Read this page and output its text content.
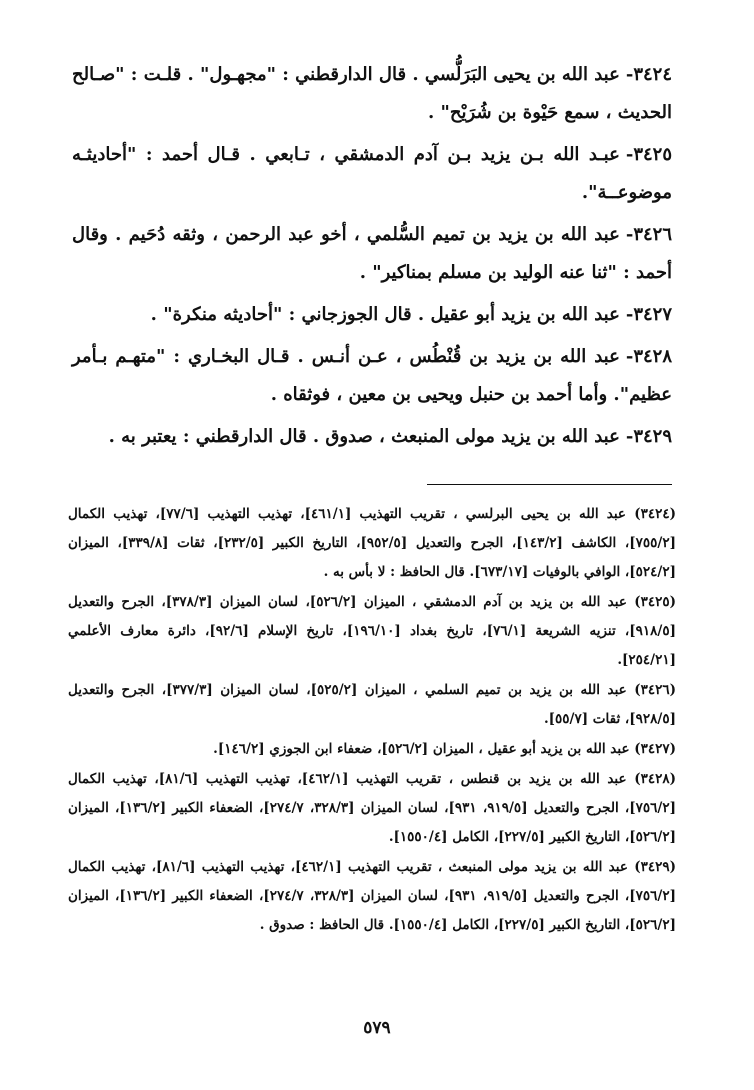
٣٤٢٤-عبد الله بن يحيى البَرَلُّسي . قال الدارقطني : "مجهـول" . قلـت : "صـالح الحديث ، سمع حَيْوة بن شُرَيْح" .

٣٤٢٥-عبـد الله بـن يزيد بـن آدم الدمشقي ، تـابعي . قـال أحمد : "أحاديثـه موضوعــة".

٣٤٢٦-عبد الله بن يزيد بن تميم السُّلمي ، أخو عبد الرحمن ، وثقه دُحَيم . وقال أحمد : "ثنا عنه الوليد بن مسلم بمناكير" .

٣٤٢٧-عبد الله بن يزيد أبو عقيل . قال الجوزجاني : "أحاديثه منكرة" .

٣٤٢٨-عبد الله بن يزيد بن قُنْطُس ، عـن أنـس . قـال البخـاري : "متهـم بـأمر عظيم". وأما أحمد بن حنبل ويحيى بن معين ، فوثقاه .

٣٤٢٩-عبد الله بن يزيد مولى المنبعث ، صدوق . قال الدارقطني : يعتبر به .

(٣٤٢٤) عبد الله بن يحيى البرلسي ، تقريب التهذيب [٤٦١/١]، تهذيب التهذيب [٧٧/٦]، تهذيب الكمال [٧٥٥/٢]، الكاشف [١٤٣/٢]، الجرح والتعديل [٩٥٢/٥]، التاريخ الكبير [٢٣٢/٥]، ثقات [٣٣٩/٨]، الميزان [٥٢٤/٢]، الوافي بالوفيات [٦٧٣/١٧]. قال الحافظ : لا بأس به .

(٣٤٢٥) عبد الله بن يزيد بن آدم الدمشقي ، الميزان [٥٢٦/٢]، لسان الميزان [٣٧٨/٣]، الجرح والتعديل [٩١٨/٥]، تنزيه الشريعة [٧٦/١]، تاريخ بغداد [١٩٦/١٠]، تاريخ الإسلام [٩٢/٦]، دائرة معارف الأعلمي [٢٥٤/٢١].

(٣٤٢٦) عبد الله بن يزيد بن تميم السلمي ، الميزان [٥٢٥/٢]، لسان الميزان [٣٧٧/٣]، الجرح والتعديل [٩٢٨/٥]، ثقات [٥٥/٧].

(٣٤٢٧) عبد الله بن يزيد أبو عقيل ، الميزان [٥٢٦/٢]، ضعفاء ابن الجوزي [١٤٦/٢].

(٣٤٢٨) عبد الله بن يزيد بن قنطس ، تقريب التهذيب [٤٦٢/١]، تهذيب التهذيب [٨١/٦]، تهذيب الكمال [٧٥٦/٢]، الجرح والتعديل [٩١٩/٥، ٩٣١]، لسان الميزان [٣٢٨/٣، ٢٧٤/٧]، الضعفاء الكبير [١٣٦/٢]، الميزان [٥٢٦/٢]، التاريخ الكبير [٢٢٧/٥]، الكامل [١٥٥٠/٤].

(٣٤٢٩) عبد الله بن يزيد مولى المنبعث ، تقريب التهذيب [٤٦٢/١]، تهذيب التهذيب [٨١/٦]، تهذيب الكمال [٧٥٦/٢]، الجرح والتعديل [٩١٩/٥، ٩٣١]، لسان الميزان [٣٢٨/٣، ٢٧٤/٧]، الضعفاء الكبير [١٣٦/٢]، الميزان [٥٢٦/٢]، التاريخ الكبير [٢٢٧/٥]، الكامل [١٥٥٠/٤]. قال الحافظ : صدوق .

٥٧٩
